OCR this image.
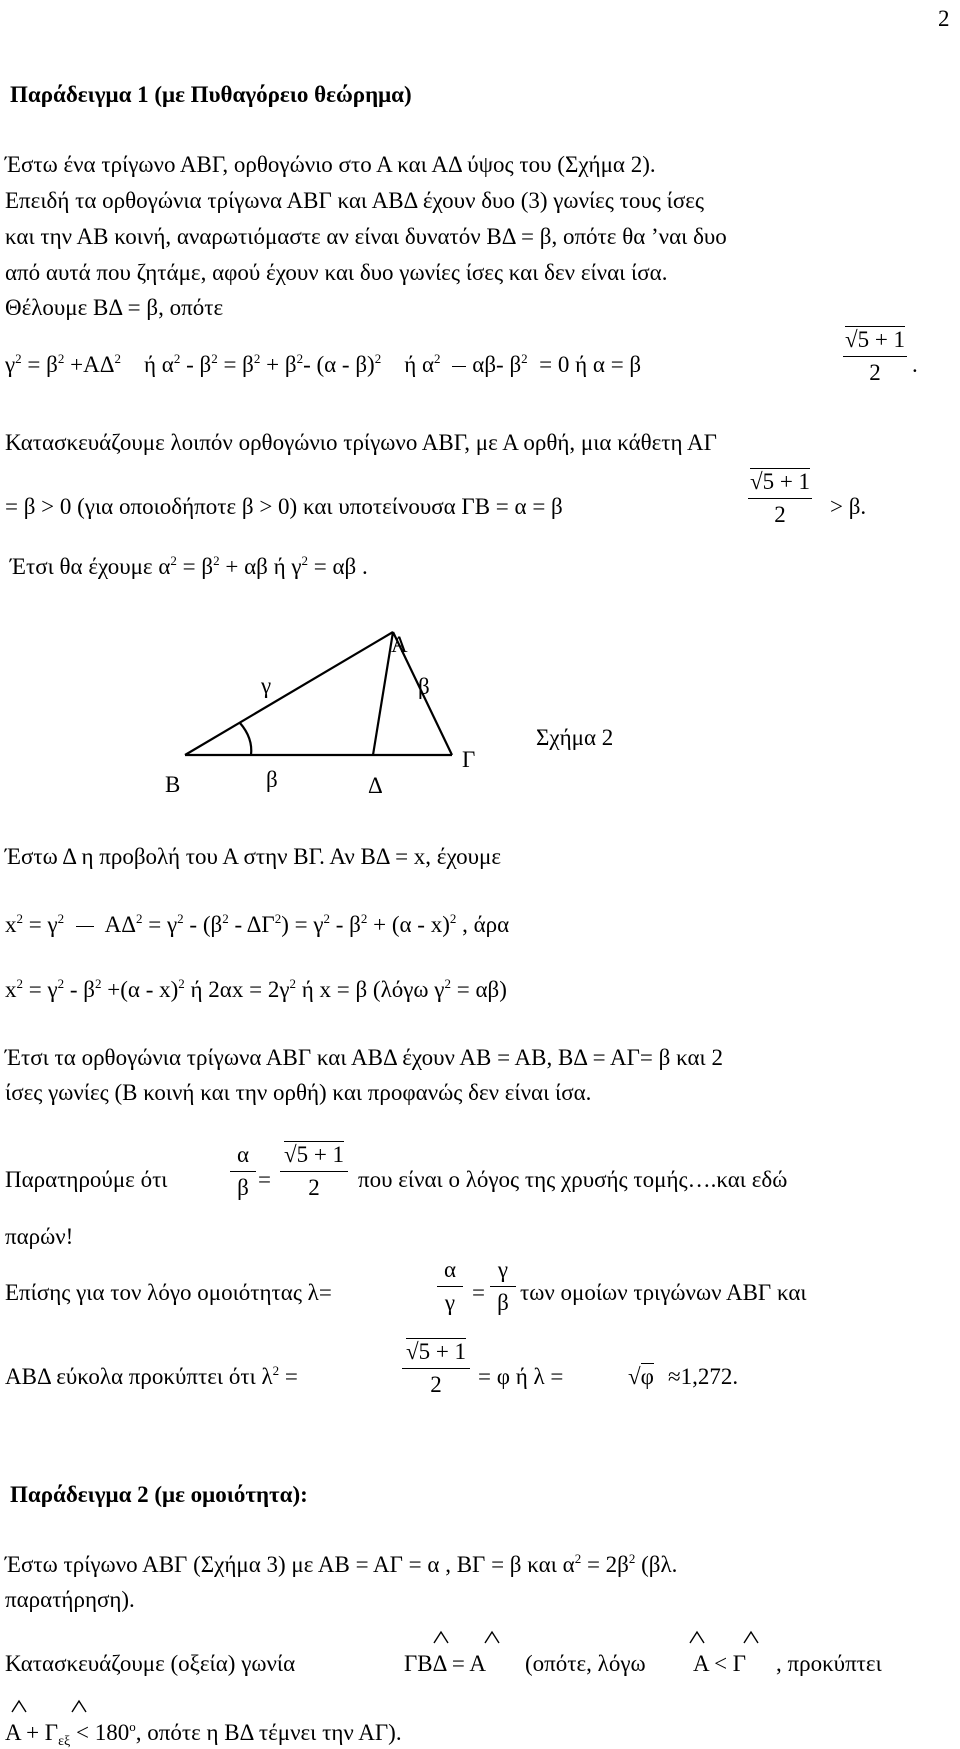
2
Παράδειγμα 1 (με Πυθαγόρειο θεώρημα)
Έστω ένα τρίγωνο ΑΒΓ, ορθογώνιο στο Α και ΑΔ ύψος του (Σχήμα 2).
Επειδή τα ορθογώνια τρίγωνα ΑΒΓ και ΑΒΔ έχουν δυο (3) γωνίες τους ίσες
και την ΑΒ κοινή, αναρωτιόμαστε αν είναι δυνατόν ΒΔ = β, οπότε θα ’ναι δυο
από αυτά που ζητάμε, αφού έχουν και δυο γωνίες ίσες και δεν είναι ίσα.
Θέλουμε ΒΔ = β, οπότε
$\gamma^2 = \beta^2 +A\Delta^2$ ή $\alpha^2 - \beta^2 = \beta^2 + \beta^2-$ (α - β)$^2$ ή $\alpha^2$ αβ- $\beta^2 = 0$ ή α = β
√5 + 1
2	.
Κατασκευάζουμε λοιπόν ορθογώνιο τρίγωνο ΑΒΓ, με Α ορθή, μια κάθετη ΑΓ
= β > 0 (για οποιοδήποτε β > 0) και υποτείνουσα ΓΒ = α = β
√5 + 1
2	> β.
Έτσι θα έχουμε $\alpha^2 = \beta^2 + \alpha\beta$ ή $\gamma^2 = \alpha\beta$ .
Α
Β
Γ
Δ
γ	β
β
Σχήμα 2
Έστω Δ η προβολή του Α στην ΒΓ. Αν ΒΔ = x, έχουμε
$x^2 = \gamma^2$ $A\Delta^2 = \gamma^2 - (\beta^2 - \Delta\Gamma^2) = \gamma^2 - \beta^2 + (\alpha - x)^2$ , άρα
$x^2 = \gamma^2 - \beta^2 +(\alpha - x)^2$ ή $2\alpha x = 2\gamma^2$ ή x = β (λόγω $\gamma^2 = \alpha\beta$)
Έτσι τα ορθογώνια τρίγωνα ΑΒΓ και ΑΒΔ έχουν ΑΒ = ΑΒ, ΒΔ = ΑΓ= β και 2
ίσες γωνίες (Β κοινή και την ορθή) και προφανώς δεν είναι ίσα.
Παρατηρούμε ότι
α
β =
√5 + 1
2	που είναι ο λόγος της χρυσής τομής….και εδώ
παρών!
Επίσης για τον λόγο ομοιότητας λ=
α
γ =
γ
β των ομοίων τριγώνων ΑΒΓ και
ΑΒΔ εύκολα προκύπτει ότι $\lambda^2$ =
√5 + 1
2	= φ ή λ =	√φ ≈1,272.
Παράδειγμα 2 (με ομοιότητα):
Έστω τρίγωνο ΑΒΓ (Σχήμα 3) με ΑΒ = ΑΓ = α , ΒΓ = β και $\alpha^2 = 2\beta^2$ (βλ.
παρατήρηση).
Κατασκευάζουμε (οξεία) γωνία	ΓΒΔ = Α (οπότε, λόγω Α < Γ , προκύπτει
$A + \Gamma_{\varepsilon\xi} < 180^o$, οπότε η ΒΔ τέμνει την ΑΓ).
